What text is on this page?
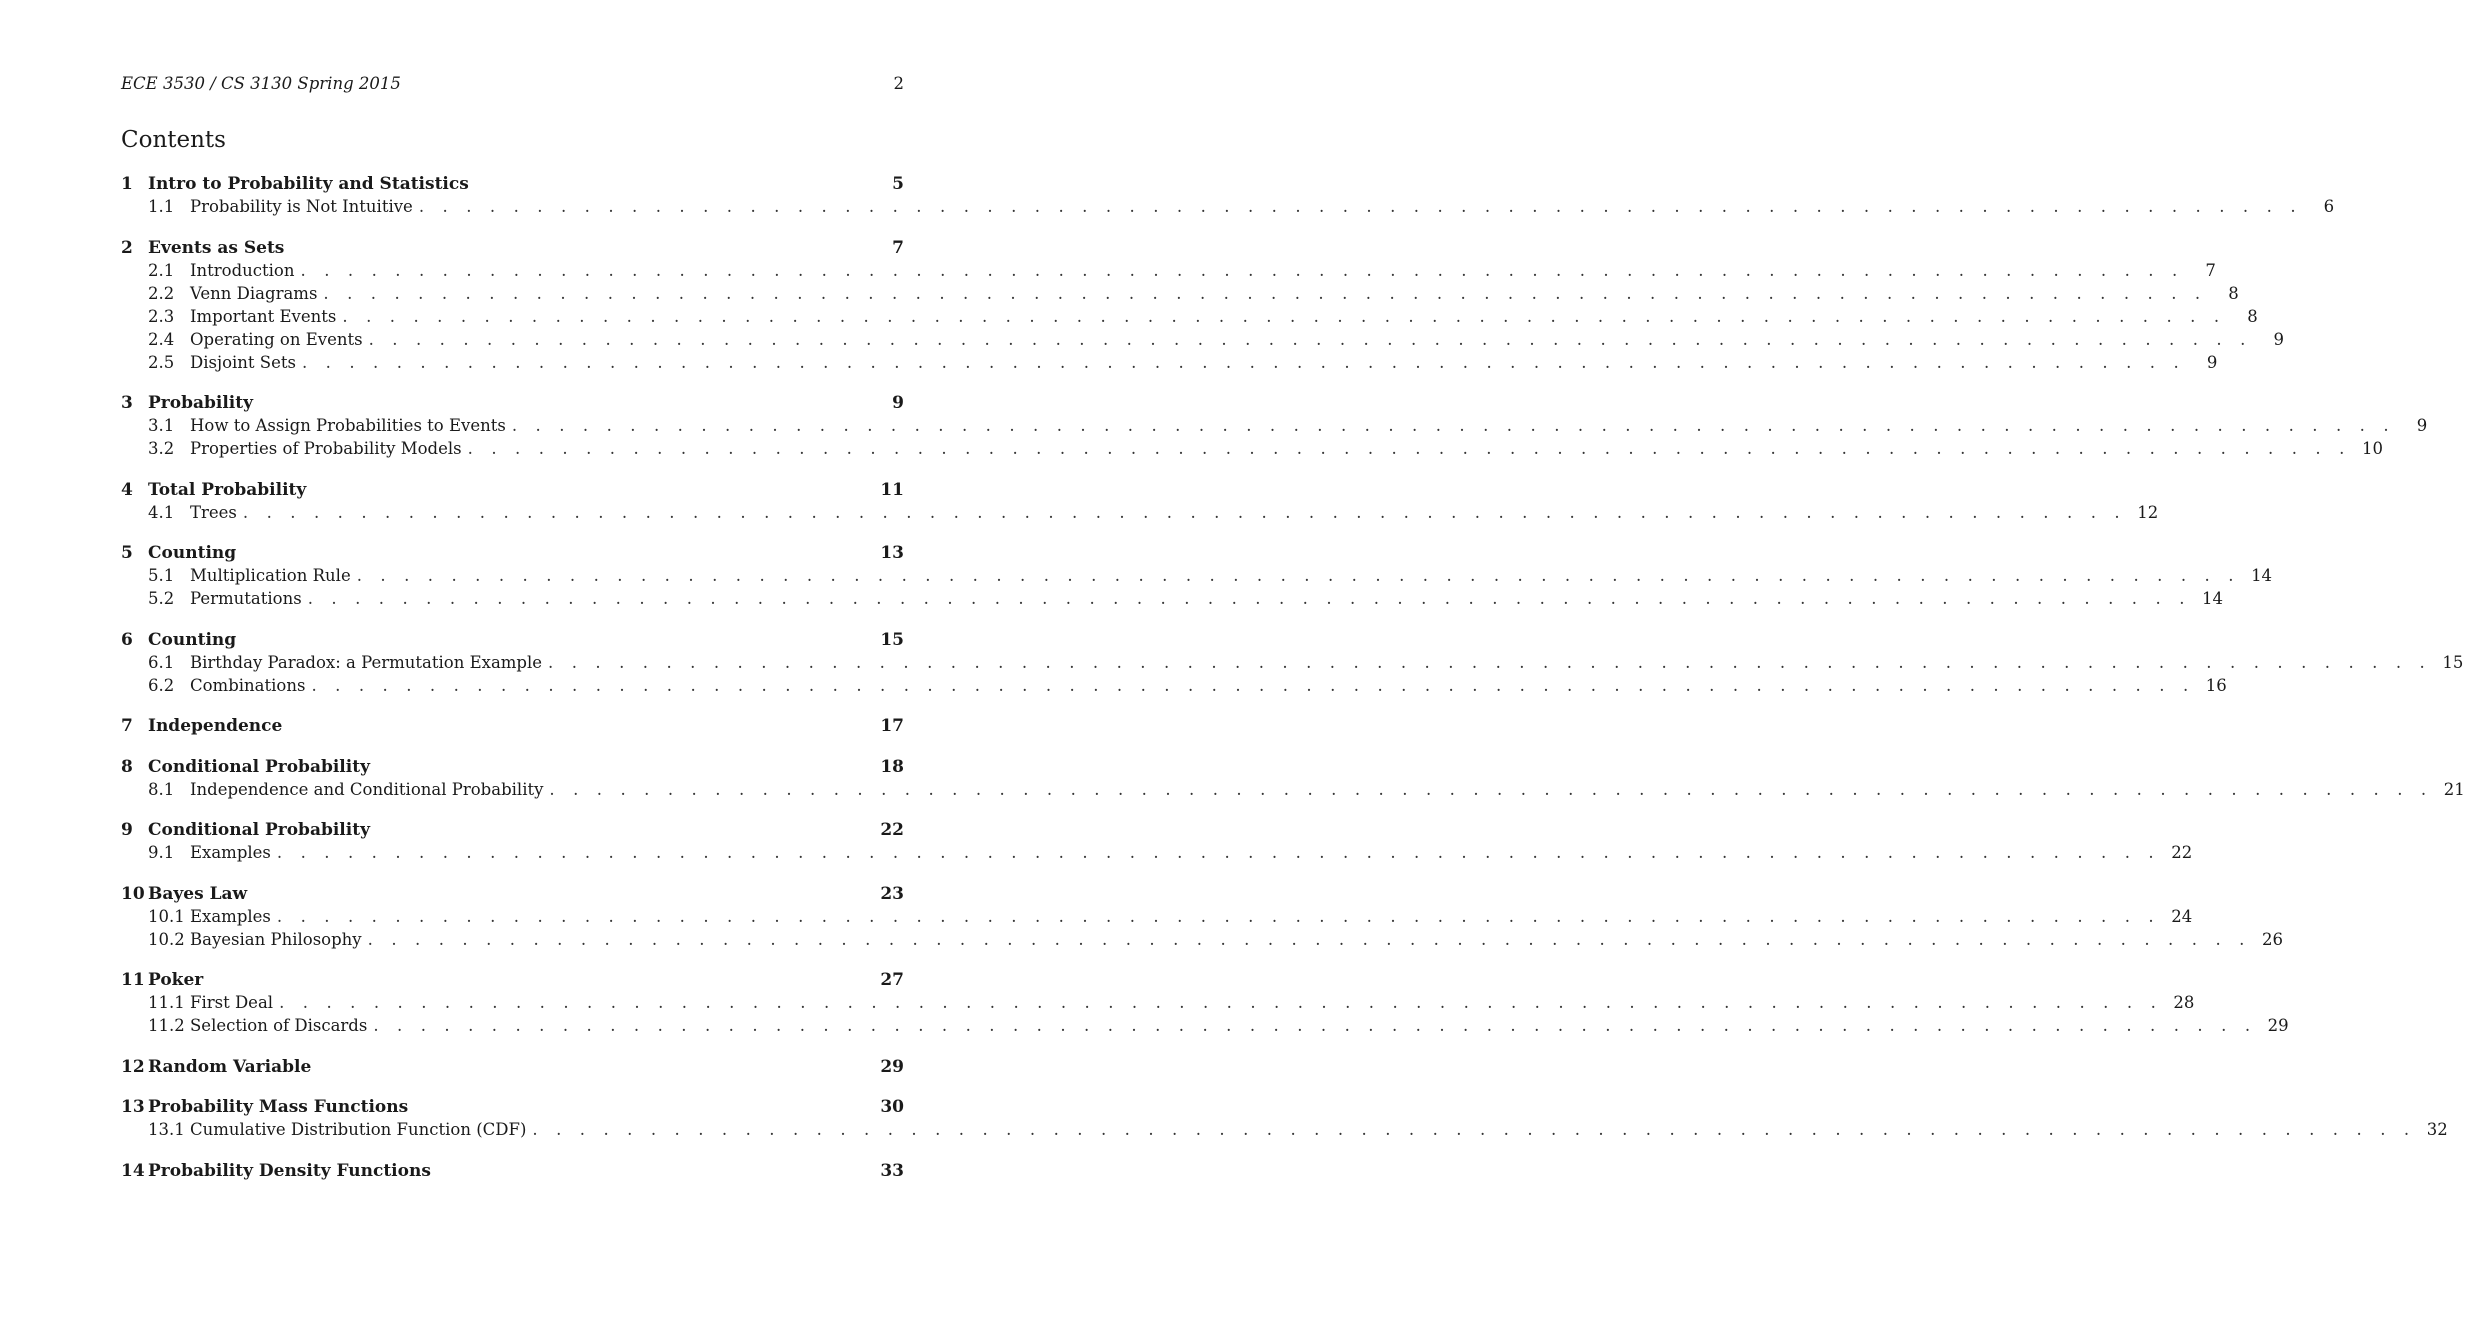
ECE 3530 / CS 3130 Spring 2015	2
Contents
1 Intro to Probability and Statistics	5
1.1 Probability is Not Intuitive . . . . . . . . . . . . . . . . . . . . . . . . . . . . . . . . . . . . . . . . . . . . . . . . . . . . . . . . . . . . . . . . . . . . . . . . . . . . . . . .	6
2 Events as Sets	7
2.1 Introduction . . . . . . . . . . . . . . . . . . . . . . . . . . . . . . . . . . . . . . . . . . . . . . . . . . . . . . . . . . . . . . . . . . . . . . . . . . . . . . . .	7
2.2 Venn Diagrams . . . . . . . . . . . . . . . . . . . . . . . . . . . . . . . . . . . . . . . . . . . . . . . . . . . . . . . . . . . . . . . . . . . . . . . . . . . . . . . .	8
2.3 Important Events . . . . . . . . . . . . . . . . . . . . . . . . . . . . . . . . . . . . . . . . . . . . . . . . . . . . . . . . . . . . . . . . . . . . . . . . . . . . . . . .	8
2.4 Operating on Events . . . . . . . . . . . . . . . . . . . . . . . . . . . . . . . . . . . . . . . . . . . . . . . . . . . . . . . . . . . . . . . . . . . . . . . . . . . . . . . .	9
2.5 Disjoint Sets . . . . . . . . . . . . . . . . . . . . . . . . . . . . . . . . . . . . . . . . . . . . . . . . . . . . . . . . . . . . . . . . . . . . . . . . . . . . . . . .	9
3 Probability	9
3.1 How to Assign Probabilities to Events . . . . . . . . . . . . . . . . . . . . . . . . . . . . . . . . . . . . . . . . . . . . . . . . . . . . . . . . . . . . . . . . . . . . . . . . . . . . . . . .	9
3.2 Properties of Probability Models . . . . . . . . . . . . . . . . . . . . . . . . . . . . . . . . . . . . . . . . . . . . . . . . . . . . . . . . . . . . . . . . . . . . . . . . . . . . . . . . 10
4 Total Probability	11
4.1 Trees . . . . . . . . . . . . . . . . . . . . . . . . . . . . . . . . . . . . . . . . . . . . . . . . . . . . . . . . . . . . . . . . . . . . . . . . . . . . . . . . 12
5 Counting	13
5.1 Multiplication Rule . . . . . . . . . . . . . . . . . . . . . . . . . . . . . . . . . . . . . . . . . . . . . . . . . . . . . . . . . . . . . . . . . . . . . . . . . . . . . . . . 14
5.2 Permutations . . . . . . . . . . . . . . . . . . . . . . . . . . . . . . . . . . . . . . . . . . . . . . . . . . . . . . . . . . . . . . . . . . . . . . . . . . . . . . . . 14
6 Counting	15
6.1 Birthday Paradox: a Permutation Example . . . . . . . . . . . . . . . . . . . . . . . . . . . . . . . . . . . . . . . . . . . . . . . . . . . . . . . . . . . . . . . . . . . . . . . . . . . . . . . . 15
6.2 Combinations . . . . . . . . . . . . . . . . . . . . . . . . . . . . . . . . . . . . . . . . . . . . . . . . . . . . . . . . . . . . . . . . . . . . . . . . . . . . . . . . 16
7 Independence	17
8 Conditional Probability	18
8.1 Independence and Conditional Probability . . . . . . . . . . . . . . . . . . . . . . . . . . . . . . . . . . . . . . . . . . . . . . . . . . . . . . . . . . . . . . . . . . . . . . . . . . . . . . . . 21
9 Conditional Probability	22
9.1 Examples . . . . . . . . . . . . . . . . . . . . . . . . . . . . . . . . . . . . . . . . . . . . . . . . . . . . . . . . . . . . . . . . . . . . . . . . . . . . . . . . 22
10 Bayes Law	23
10.1 Examples . . . . . . . . . . . . . . . . . . . . . . . . . . . . . . . . . . . . . . . . . . . . . . . . . . . . . . . . . . . . . . . . . . . . . . . . . . . . . . . . 24
10.2 Bayesian Philosophy . . . . . . . . . . . . . . . . . . . . . . . . . . . . . . . . . . . . . . . . . . . . . . . . . . . . . . . . . . . . . . . . . . . . . . . . . . . . . . . . 26
11 Poker	27
11.1 First Deal . . . . . . . . . . . . . . . . . . . . . . . . . . . . . . . . . . . . . . . . . . . . . . . . . . . . . . . . . . . . . . . . . . . . . . . . . . . . . . . . 28
11.2 Selection of Discards . . . . . . . . . . . . . . . . . . . . . . . . . . . . . . . . . . . . . . . . . . . . . . . . . . . . . . . . . . . . . . . . . . . . . . . . . . . . . . . . 29
12 Random Variable	29
13 Probability Mass Functions	30
13.1 Cumulative Distribution Function (CDF) . . . . . . . . . . . . . . . . . . . . . . . . . . . . . . . . . . . . . . . . . . . . . . . . . . . . . . . . . . . . . . . . . . . . . . . . . . . . . . . . 32
14 Probability Density Functions	33
